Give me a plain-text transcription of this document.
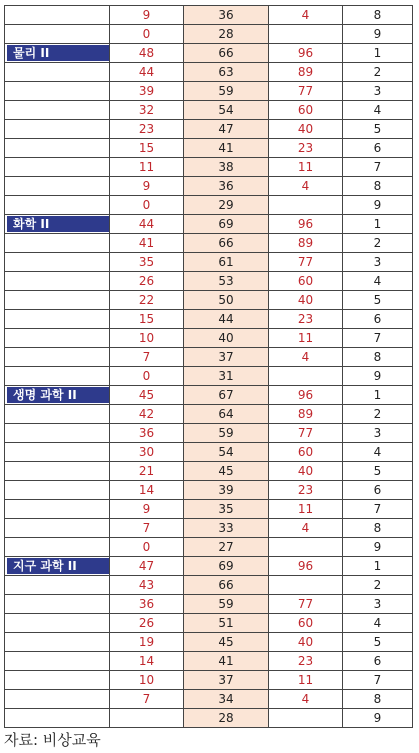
	9	36	4	8
	0	28		9

물리 II	48	66	96	1
	44	63	89	2
	39	59	77	3
	32	54	60	4
	23	47	40	5
	15	41	23	6
	11	38	11	7
	9	36	4	8
	0	29		9

화학 II	44	69	96	1
	41	66	89	2
	35	61	77	3
	26	53	60	4
	22	50	40	5
	15	44	23	6
	10	40	11	7
	7	37	4	8
	0	31		9

생명 과학 II	45	67	96	1
	42	64	89	2
	36	59	77	3
	30	54	60	4
	21	45	40	5
	14	39	23	6
	9	35	11	7
	7	33	4	8
	0	27		9

지구 과학 II	47	69	96	1
	43	66		2
	36	59	77	3
	26	51	60	4
	19	45	40	5
	14	41	23	6
	10	37	11	7
	7	34	4	8
		28		9
자료: 비상교육
